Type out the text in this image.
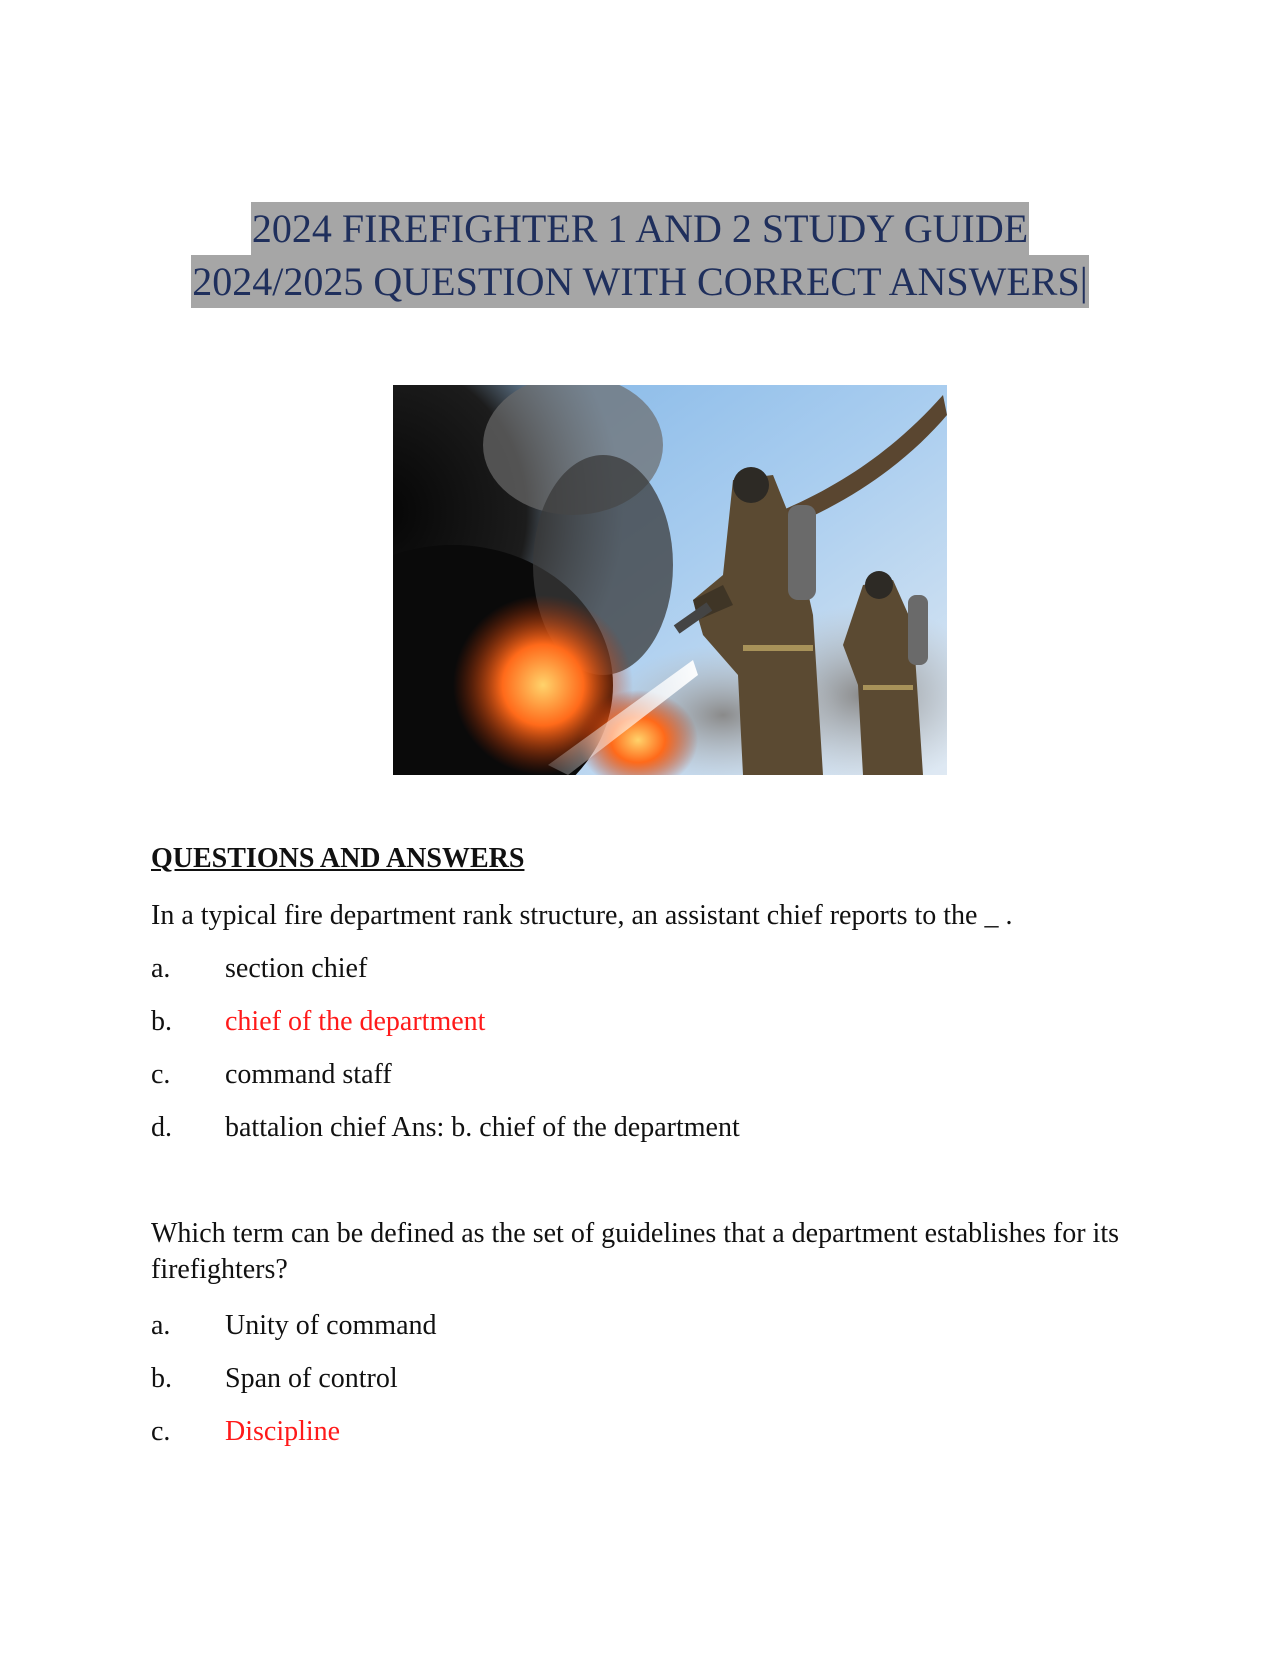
2024 FIREFIGHTER 1 AND 2 STUDY GUIDE
2024/2025 QUESTION WITH CORRECT ANSWERS|
QUESTIONS AND ANSWERS
In a typical fire department rank structure, an assistant chief reports to the _ .
a. section chief
b. chief of the department
c. command staff
d. battalion chief Ans: b. chief of the department
Which term can be defined as the set of guidelines that a department establishes for its firefighters?
a. Unity of command
b. Span of control
c. Discipline
